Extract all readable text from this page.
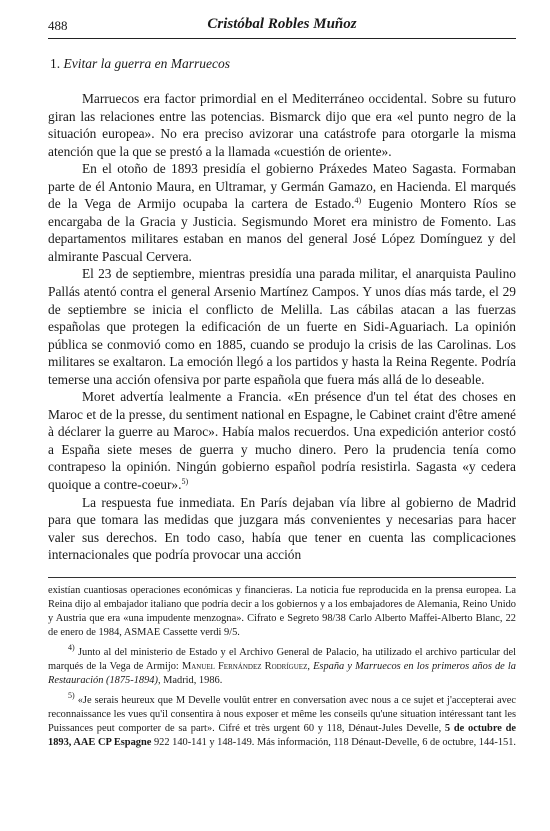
488	Cristóbal Robles Muñoz
1. Evitar la guerra en Marruecos

Marruecos era factor primordial en el Mediterráneo occidental. Sobre su futuro giran las relaciones entre las potencias. Bismarck dijo que era «el punto negro de la situación europea». No era preciso avizorar una catástrofe para otorgarle la misma atención que la que se prestó a la llamada «cuestión de oriente».

En el otoño de 1893 presidía el gobierno Práxedes Mateo Sagasta. Formaban parte de él Antonio Maura, en Ultramar, y Germán Gamazo, en Hacienda. El marqués de la Vega de Armijo ocupaba la cartera de Estado.$^{4)}$ Eugenio Montero Ríos se encargaba de la Gracia y Justicia. Segismundo Moret era ministro de Fomento. Las departamentos militares estaban en manos del general José López Domínguez y del almirante Pascual Cervera.

El 23 de septiembre, mientras presidía una parada militar, el anarquista Paulino Pallás atentó contra el general Arsenio Martínez Campos. Y unos días más tarde, el 29 de septiembre se inicia el conflicto de Melilla. Las cábilas atacan a las fuerzas españolas que protegen la edificación de un fuerte en Sidi-Aguariach. La opinión pública se conmovió como en 1885, cuando se produjo la crisis de las Carolinas. Los militares se exaltaron. La emoción llegó a los partidos y hasta la Reina Regente. Podría temerse una acción ofensiva por parte española que fuera más allá de lo deseable.

Moret advertía lealmente a Francia. «En présence d'un tel état des choses en Maroc et de la presse, du sentiment national en Espagne, le Cabinet craint d'être amené à déclarer la guerre au Maroc». Había malos recuerdos. Una expedición anterior costó a España siete meses de guerra y mucho dinero. Pero la prudencia tenía como contrapeso la opinión. Ningún gobierno español podría resistirla. Sagasta «y cedera quoique a contre-coeur».$^{5)}$

La respuesta fue inmediata. En París dejaban vía libre al gobierno de Madrid para que tomara las medidas que juzgara más convenientes y necesarias para hacer valer sus derechos. En todo caso, había que tener en cuenta las complicaciones internacionales que podría provocar una acción

existían cuantiosas operaciones económicas y financieras. La noticia fue reproducida en la prensa europea. La Reina dijo al embajador italiano que podría decir a los gobiernos y a los embajadores de Alemania, Reino Unido y Austria que era «una impudente menzogna». Cifrato e Segreto 98/38 Carlo Alberto Maffei-Alberto Blanc, 22 de enero de 1984, ASMAE Cassette verdi 9/5.

$^{4)}$ Junto al del ministerio de Estado y el Archivo General de Palacio, ha utilizado el archivo particular del marqués de la Vega de Armijo: Manuel Fernández Rodríguez, España y Marruecos en los primeros años de la Restauración (1875-1894), Madrid, 1986.

$^{5)}$ «Je serais heureux que M Develle voulût entrer en conversation avec nous a ce sujet et j'accepterai avec reconnaissance les vues qu'il consentira à nous exposer et même les conseils qu'une situation intéressant tant les Puissances peut comporter de sa part». Cifré et très urgent 60 y 118, Dénaut-Jules Develle, 5 de octubre de 1893, AAE CP Espagne 922 140-141 y 148-149. Más información, 118 Dénaut-Develle, 6 de octubre, 144-151.
